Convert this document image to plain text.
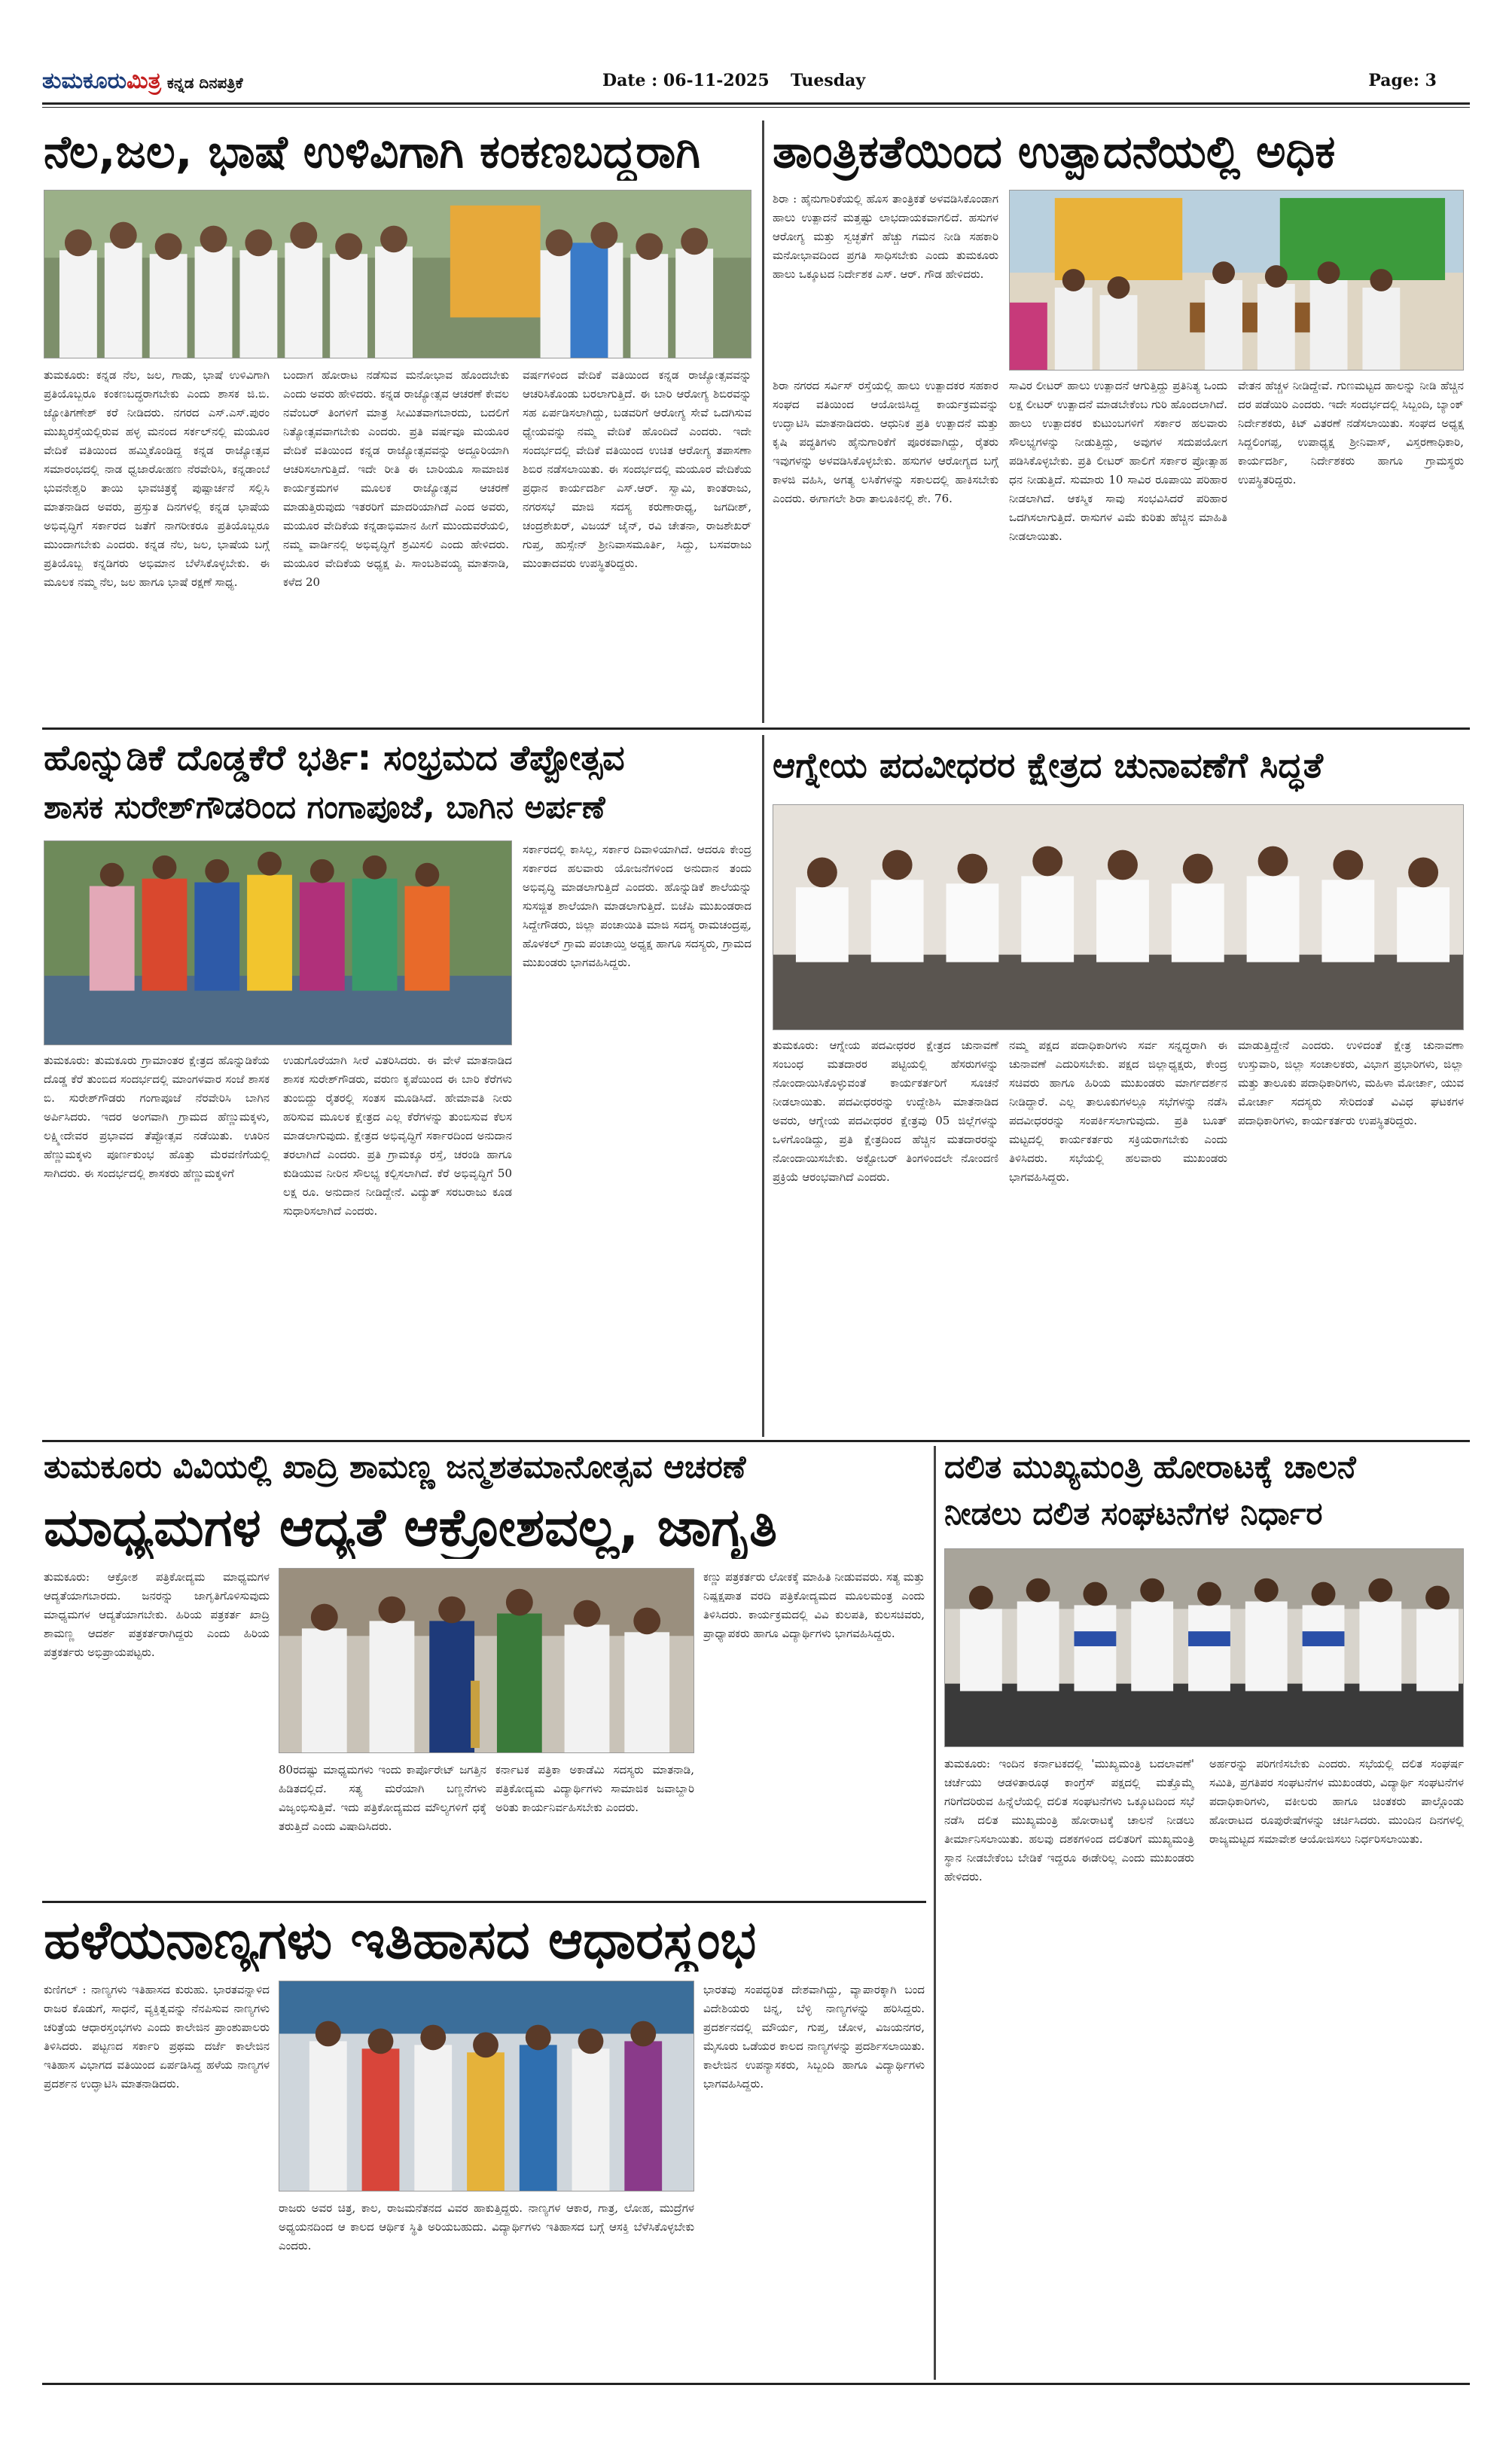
ತುಮಕೂರುಮಿತ್ರ ಕನ್ನಡ ದಿನಪತ್ರಿಕೆ	Date : 06-11-2025 Tuesday	Page: 3
ನೆಲ,ಜಲ, ಭಾಷೆ ಉಳಿವಿಗಾಗಿ ಕಂಕಣಬದ್ಧರಾಗಿ
ತುಮಕೂರು: ಕನ್ನಡ ನೆಲ, ಜಲ, ಗಾಡು, ಭಾಷೆ ಉಳಿವಿಗಾಗಿ ಪ್ರತಿಯೊಬ್ಬರೂ ಕಂಕಣಬದ್ಧರಾಗಬೇಕು ಎಂದು ಶಾಸಕ ಜಿ.ಬಿ. ಜ್ಯೋತಿಗಣೇಶ್ ಕರೆ ನೀಡಿದರು. ನಗರದ ಎಸ್.ಎಸ್.ಪುರಂ ಮುಖ್ಯರಸ್ತೆಯಲ್ಲಿರುವ ಹಳ್ಳ ಮನಂದ ಸರ್ಕಲ್‌ನಲ್ಲಿ ಮಯೂರ ವೇದಿಕೆ ವತಿಯಿಂದ ಹಮ್ಮಿಕೊಂಡಿದ್ದ ಕನ್ನಡ ರಾಜ್ಯೋತ್ಸವ ಸಮಾರಂಭದಲ್ಲಿ ನಾಡ ಧ್ವಜಾರೋಹಣ ನೆರವೇರಿಸಿ, ಕನ್ನಡಾಂಬೆ ಭುವನೇಶ್ವರಿ ತಾಯಿ ಭಾವಚಿತ್ರಕ್ಕೆ ಪುಷ್ಪಾರ್ಚನೆ ಸಲ್ಲಿಸಿ ಮಾತನಾಡಿದ ಅವರು, ಪ್ರಸ್ತುತ ದಿನಗಳಲ್ಲಿ ಕನ್ನಡ ಭಾಷೆಯ ಅಭಿವೃದ್ಧಿಗೆ ಸರ್ಕಾರದ ಜತೆಗೆ ನಾಗರೀಕರೂ ಪ್ರತಿಯೊಬ್ಬರೂ ಮುಂದಾಗಬೇಕು ಎಂದರು. ಕನ್ನಡ ನೆಲ, ಜಲ, ಭಾಷೆಯ ಬಗ್ಗೆ ಪ್ರತಿಯೊಬ್ಬ ಕನ್ನಡಿಗರು ಅಭಿಮಾನ ಬೆಳೆಸಿಕೊಳ್ಳಬೇಕು. ಈ ಮೂಲಕ ನಮ್ಮ ನೆಲ, ಜಲ ಹಾಗೂ ಭಾಷೆ ರಕ್ಷಣೆ ಸಾಧ್ಯ.
ಬಂದಾಗ ಹೋರಾಟ ನಡೆಸುವ ಮನೋಭಾವ ಹೊಂದಬೇಕು ಎಂದು ಅವರು ಹೇಳಿದರು. ಕನ್ನಡ ರಾಜ್ಯೋತ್ಸವ ಆಚರಣೆ ಕೇವಲ ನವೆಂಬರ್ ತಿಂಗಳಿಗೆ ಮಾತ್ರ ಸೀಮಿತವಾಗಬಾರದು, ಬದಲಿಗೆ ನಿತ್ಯೋತ್ಸವವಾಗಬೇಕು ಎಂದರು. ಪ್ರತಿ ವರ್ಷವೂ ಮಯೂರ ವೇದಿಕೆ ವತಿಯಿಂದ ಕನ್ನಡ ರಾಜ್ಯೋತ್ಸವವನ್ನು ಅದ್ದೂರಿಯಾಗಿ ಆಚರಿಸಲಾಗುತ್ತಿದೆ. ಇದೇ ರೀತಿ ಈ ಬಾರಿಯೂ ಸಾಮಾಜಿಕ ಕಾರ್ಯಕ್ರಮಗಳ ಮೂಲಕ ರಾಜ್ಯೋತ್ಸವ ಆಚರಣೆ ಮಾಡುತ್ತಿರುವುದು ಇತರರಿಗೆ ಮಾದರಿಯಾಗಿದೆ ಎಂದ ಅವರು, ಮಯೂರ ವೇದಿಕೆಯ ಕನ್ನಡಾಭಿಮಾನ ಹೀಗೆ ಮುಂದುವರೆಯಲಿ, ನಮ್ಮ ವಾರ್ಡಿನಲ್ಲಿ ಅಭಿವೃದ್ಧಿಗೆ ಶ್ರಮಿಸಲಿ ಎಂದು ಹೇಳಿದರು. ಮಯೂರ ವೇದಿಕೆಯ ಅಧ್ಯಕ್ಷ ಪಿ. ಸಾಂಬಶಿವಯ್ಯ ಮಾತನಾಡಿ, ಕಳೆದ 20
ವರ್ಷಗಳಿಂದ ವೇದಿಕೆ ವತಿಯಿಂದ ಕನ್ನಡ ರಾಜ್ಯೋತ್ಸವವನ್ನು ಆಚರಿಸಿಕೊಂಡು ಬರಲಾಗುತ್ತಿದೆ. ಈ ಬಾರಿ ಆರೋಗ್ಯ ಶಿಬಿರವನ್ನು ಸಹ ಏರ್ಪಡಿಸಲಾಗಿದ್ದು, ಬಡವರಿಗೆ ಆರೋಗ್ಯ ಸೇವೆ ಒದಗಿಸುವ ಧ್ಯೇಯವನ್ನು ನಮ್ಮ ವೇದಿಕೆ ಹೊಂದಿದೆ ಎಂದರು. ಇದೇ ಸಂದರ್ಭದಲ್ಲಿ ವೇದಿಕೆ ವತಿಯಿಂದ ಉಚಿತ ಆರೋಗ್ಯ ತಪಾಸಣಾ ಶಿಬಿರ ನಡೆಸಲಾಯಿತು. ಈ ಸಂದರ್ಭದಲ್ಲಿ ಮಯೂರ ವೇದಿಕೆಯ ಪ್ರಧಾನ ಕಾರ್ಯದರ್ಶಿ ಎಸ್.ಆರ್. ಸ್ವಾಮಿ, ಕಾಂತರಾಜು, ನಗರಸಭೆ ಮಾಜಿ ಸದಸ್ಯ ಕರುಣಾರಾಧ್ಯ, ಜಗದೀಶ್, ಚಂದ್ರಶೇಖರ್, ವಿಜಯ್ ಜೈನ್, ರವಿ ಚೇತನಾ, ರಾಜಶೇಖರ್ ಗುಪ್ತ, ಹುಸ್ಸೇನ್ ಶ್ರೀನಿವಾಸಮೂರ್ತಿ, ಸಿದ್ದು, ಬಸವರಾಜು ಮುಂತಾದವರು ಉಪಸ್ಥಿತರಿದ್ದರು.
ತಾಂತ್ರಿಕತೆಯಿಂದ ಉತ್ಪಾದನೆಯಲ್ಲಿ ಅಧಿಕ
ಶಿರಾ : ಹೈನುಗಾರಿಕೆಯಲ್ಲಿ ಹೊಸ ತಾಂತ್ರಿಕತೆ ಅಳವಡಿಸಿಕೊಂಡಾಗ ಹಾಲು ಉತ್ಪಾದನೆ ಮತ್ತಷ್ಟು ಲಾಭದಾಯಕವಾಗಲಿದೆ. ಹಸುಗಳ ಆರೋಗ್ಯ ಮತ್ತು ಸ್ವಚ್ಛತೆಗೆ ಹೆಚ್ಚು ಗಮನ ನೀಡಿ ಸಹಕಾರಿ ಮನೋಭಾವದಿಂದ ಪ್ರಗತಿ ಸಾಧಿಸಬೇಕು ಎಂದು ತುಮಕೂರು ಹಾಲು ಒಕ್ಕೂಟದ ನಿರ್ದೇಶಕ ಎಸ್. ಆರ್. ಗೌಡ ಹೇಳಿದರು.
ಶಿರಾ ನಗರದ ಸರ್ವಿಸ್ ರಸ್ತೆಯಲ್ಲಿ ಹಾಲು ಉತ್ಪಾದಕರ ಸಹಕಾರ ಸಂಘದ ವತಿಯಿಂದ ಆಯೋಜಿಸಿದ್ದ ಕಾರ್ಯಕ್ರಮವನ್ನು ಉದ್ಘಾಟಿಸಿ ಮಾತನಾಡಿದರು. ಆಧುನಿಕ ಪ್ರತಿ ಉತ್ಪಾದನೆ ಮತ್ತು ಕೃಷಿ ಪದ್ಧತಿಗಳು ಹೈನುಗಾರಿಕೆಗೆ ಪೂರಕವಾಗಿದ್ದು, ರೈತರು ಇವುಗಳನ್ನು ಅಳವಡಿಸಿಕೊಳ್ಳಬೇಕು. ಹಸುಗಳ ಆರೋಗ್ಯದ ಬಗ್ಗೆ ಕಾಳಜಿ ವಹಿಸಿ, ಅಗತ್ಯ ಲಸಿಕೆಗಳನ್ನು ಸಕಾಲದಲ್ಲಿ ಹಾಕಿಸಬೇಕು ಎಂದರು. ಈಗಾಗಲೇ ಶಿರಾ ತಾಲೂಕಿನಲ್ಲಿ ಶೇ. 76.
ಸಾವಿರ ಲೀಟರ್ ಹಾಲು ಉತ್ಪಾದನೆ ಆಗುತ್ತಿದ್ದು ಪ್ರತಿನಿತ್ಯ ಒಂದು ಲಕ್ಷ ಲೀಟರ್ ಉತ್ಪಾದನೆ ಮಾಡಬೇಕೆಂಬ ಗುರಿ ಹೊಂದಲಾಗಿದೆ. ಹಾಲು ಉತ್ಪಾದಕರ ಕುಟುಂಬಗಳಿಗೆ ಸರ್ಕಾರ ಹಲವಾರು ಸೌಲಭ್ಯಗಳನ್ನು ನೀಡುತ್ತಿದ್ದು, ಅವುಗಳ ಸದುಪಯೋಗ ಪಡಿಸಿಕೊಳ್ಳಬೇಕು. ಪ್ರತಿ ಲೀಟರ್ ಹಾಲಿಗೆ ಸರ್ಕಾರ ಪ್ರೋತ್ಸಾಹ ಧನ ನೀಡುತ್ತಿದೆ. ಸುಮಾರು 10 ಸಾವಿರ ರೂಪಾಯಿ ಪರಿಹಾರ ನೀಡಲಾಗಿದೆ. ಆಕಸ್ಮಿಕ ಸಾವು ಸಂಭವಿಸಿದರೆ ಪರಿಹಾರ ಒದಗಿಸಲಾಗುತ್ತಿದೆ. ರಾಸುಗಳ ವಿಮೆ ಕುರಿತು ಹೆಚ್ಚಿನ ಮಾಹಿತಿ ನೀಡಲಾಯಿತು.
ವೇತನ ಹೆಚ್ಚಳ ನೀಡಿದ್ದೇವೆ. ಗುಣಮಟ್ಟದ ಹಾಲನ್ನು ನೀಡಿ ಹೆಚ್ಚಿನ ದರ ಪಡೆಯಿರಿ ಎಂದರು. ಇದೇ ಸಂದರ್ಭದಲ್ಲಿ ಸಿಬ್ಬಂದಿ, ಬ್ಯಾಂಕ್ ನಿರ್ದೇಶಕರು, ಕಿಟ್ ವಿತರಣೆ ನಡೆಸಲಾಯಿತು. ಸಂಘದ ಅಧ್ಯಕ್ಷ ಸಿದ್ದಲಿಂಗಪ್ಪ, ಉಪಾಧ್ಯಕ್ಷ ಶ್ರೀನಿವಾಸ್, ವಿಸ್ತರಣಾಧಿಕಾರಿ, ಕಾರ್ಯದರ್ಶಿ, ನಿರ್ದೇಶಕರು ಹಾಗೂ ಗ್ರಾಮಸ್ಥರು ಉಪಸ್ಥಿತರಿದ್ದರು.
ಹೊನ್ನುಡಿಕೆ ದೊಡ್ಡಕೆರೆ ಭರ್ತಿ: ಸಂಭ್ರಮದ ತೆಪ್ಪೋತ್ಸವ
ಶಾಸಕ ಸುರೇಶ್‌ಗೌಡರಿಂದ ಗಂಗಾಪೂಜೆ, ಬಾಗಿನ ಅರ್ಪಣೆ
ತುಮಕೂರು: ತುಮಕೂರು ಗ್ರಾಮಾಂತರ ಕ್ಷೇತ್ರದ ಹೊನ್ನುಡಿಕೆಯ ದೊಡ್ಡ ಕೆರೆ ತುಂಬಿದ ಸಂದರ್ಭದಲ್ಲಿ ಮಾಂಗಳವಾರ ಸಂಜೆ ಶಾಸಕ ಬಿ. ಸುರೇಶ್‌ಗೌಡರು ಗಂಗಾಪೂಜೆ ನೆರವೇರಿಸಿ ಬಾಗಿನ ಅರ್ಪಿಸಿದರು. ಇದರ ಅಂಗವಾಗಿ ಗ್ರಾಮದ ಹೆಣ್ಣುಮಕ್ಕಳು, ಲಕ್ಷ್ಮೀದೇವರ ಪ್ರಭಾವದ ತೆಪ್ಪೋತ್ಸವ ನಡೆಯಿತು. ಊರಿನ ಹೆಣ್ಣುಮಕ್ಕಳು ಪೂರ್ಣಕುಂಭ ಹೊತ್ತು ಮೆರವಣಿಗೆಯಲ್ಲಿ ಸಾಗಿದರು. ಈ ಸಂದರ್ಭದಲ್ಲಿ ಶಾಸಕರು ಹೆಣ್ಣುಮಕ್ಕಳಿಗೆ
ಉಡುಗೊರೆಯಾಗಿ ಸೀರೆ ವಿತರಿಸಿದರು. ಈ ವೇಳೆ ಮಾತನಾಡಿದ ಶಾಸಕ ಸುರೇಶ್‌ಗೌಡರು, ವರುಣ ಕೃಪೆಯಿಂದ ಈ ಬಾರಿ ಕೆರೆಗಳು ತುಂಬಿದ್ದು ರೈತರಲ್ಲಿ ಸಂತಸ ಮೂಡಿಸಿದೆ. ಹೇಮಾವತಿ ನೀರು ಹರಿಸುವ ಮೂಲಕ ಕ್ಷೇತ್ರದ ಎಲ್ಲ ಕೆರೆಗಳನ್ನು ತುಂಬಿಸುವ ಕೆಲಸ ಮಾಡಲಾಗುವುದು. ಕ್ಷೇತ್ರದ ಅಭಿವೃದ್ಧಿಗೆ ಸರ್ಕಾರದಿಂದ ಅನುದಾನ ತರಲಾಗಿದೆ ಎಂದರು. ಪ್ರತಿ ಗ್ರಾಮಕ್ಕೂ ರಸ್ತೆ, ಚರಂಡಿ ಹಾಗೂ ಕುಡಿಯುವ ನೀರಿನ ಸೌಲಭ್ಯ ಕಲ್ಪಿಸಲಾಗಿದೆ. ಕೆರೆ ಅಭಿವೃದ್ಧಿಗೆ 50 ಲಕ್ಷ ರೂ. ಅನುದಾನ ನೀಡಿದ್ದೇನೆ. ವಿದ್ಯುತ್ ಸರಬರಾಜು ಕೂಡ ಸುಧಾರಿಸಲಾಗಿದೆ ಎಂದರು.
ಸರ್ಕಾರದಲ್ಲಿ ಕಾಸಿಲ್ಲ, ಸರ್ಕಾರ ದಿವಾಳಿಯಾಗಿದೆ. ಆದರೂ ಕೇಂದ್ರ ಸರ್ಕಾರದ ಹಲವಾರು ಯೋಜನೆಗಳಿಂದ ಅನುದಾನ ತಂದು ಅಭಿವೃದ್ಧಿ ಮಾಡಲಾಗುತ್ತಿದೆ ಎಂದರು. ಹೊನ್ನುಡಿಕೆ ಶಾಲೆಯನ್ನು ಸುಸಜ್ಜಿತ ಶಾಲೆಯಾಗಿ ಮಾಡಲಾಗುತ್ತಿದೆ. ಬಿಜೆಪಿ ಮುಖಂಡರಾದ ಸಿದ್ದೇಗೌಡರು, ಜಿಲ್ಲಾ ಪಂಚಾಯಿತಿ ಮಾಜಿ ಸದಸ್ಯ ರಾಮಚಂದ್ರಪ್ಪ, ಹೊಳಕಲ್ ಗ್ರಾಮ ಪಂಚಾಯ್ತಿ ಅಧ್ಯಕ್ಷ ಹಾಗೂ ಸದಸ್ಯರು, ಗ್ರಾಮದ ಮುಖಂಡರು ಭಾಗವಹಿಸಿದ್ದರು.
ಆಗ್ನೇಯ ಪದವೀಧರರ ಕ್ಷೇತ್ರದ ಚುನಾವಣೆಗೆ ಸಿದ್ಧತೆ
ತುಮಕೂರು: ಆಗ್ನೇಯ ಪದವೀಧರರ ಕ್ಷೇತ್ರದ ಚುನಾವಣೆ ಸಂಬಂಧ ಮತದಾರರ ಪಟ್ಟಿಯಲ್ಲಿ ಹೆಸರುಗಳನ್ನು ನೋಂದಾಯಿಸಿಕೊಳ್ಳುವಂತೆ ಕಾರ್ಯಕರ್ತರಿಗೆ ಸೂಚನೆ ನೀಡಲಾಯಿತು. ಪದವೀಧರರನ್ನು ಉದ್ದೇಶಿಸಿ ಮಾತನಾಡಿದ ಅವರು, ಆಗ್ನೇಯ ಪದವೀಧರರ ಕ್ಷೇತ್ರವು 05 ಜಿಲ್ಲೆಗಳನ್ನು ಒಳಗೊಂಡಿದ್ದು, ಪ್ರತಿ ಕ್ಷೇತ್ರದಿಂದ ಹೆಚ್ಚಿನ ಮತದಾರರನ್ನು ನೋಂದಾಯಿಸಬೇಕು. ಅಕ್ಟೋಬರ್ ತಿಂಗಳಿಂದಲೇ ನೋಂದಣಿ ಪ್ರಕ್ರಿಯೆ ಆರಂಭವಾಗಿದೆ ಎಂದರು.
ನಮ್ಮ ಪಕ್ಷದ ಪದಾಧಿಕಾರಿಗಳು ಸರ್ವ ಸನ್ನದ್ಧರಾಗಿ ಈ ಚುನಾವಣೆ ಎದುರಿಸಬೇಕು. ಪಕ್ಷದ ಜಿಲ್ಲಾಧ್ಯಕ್ಷರು, ಕೇಂದ್ರ ಸಚಿವರು ಹಾಗೂ ಹಿರಿಯ ಮುಖಂಡರು ಮಾರ್ಗದರ್ಶನ ನೀಡಿದ್ದಾರೆ. ಎಲ್ಲ ತಾಲೂಕುಗಳಲ್ಲೂ ಸಭೆಗಳನ್ನು ನಡೆಸಿ ಪದವೀಧರರನ್ನು ಸಂಪರ್ಕಿಸಲಾಗುವುದು. ಪ್ರತಿ ಬೂತ್ ಮಟ್ಟದಲ್ಲಿ ಕಾರ್ಯಕರ್ತರು ಸಕ್ರಿಯರಾಗಬೇಕು ಎಂದು ತಿಳಿಸಿದರು. ಸಭೆಯಲ್ಲಿ ಹಲವಾರು ಮುಖಂಡರು ಭಾಗವಹಿಸಿದ್ದರು.
ಮಾಡುತ್ತಿದ್ದೇನೆ ಎಂದರು. ಉಳಿದಂತೆ ಕ್ಷೇತ್ರ ಚುನಾವಣಾ ಉಸ್ತುವಾರಿ, ಜಿಲ್ಲಾ ಸಂಚಾಲಕರು, ವಿಭಾಗ ಪ್ರಭಾರಿಗಳು, ಜಿಲ್ಲಾ ಮತ್ತು ತಾಲೂಕು ಪದಾಧಿಕಾರಿಗಳು, ಮಹಿಳಾ ಮೋರ್ಚಾ, ಯುವ ಮೋರ್ಚಾ ಸದಸ್ಯರು ಸೇರಿದಂತೆ ವಿವಿಧ ಘಟಕಗಳ ಪದಾಧಿಕಾರಿಗಳು, ಕಾರ್ಯಕರ್ತರು ಉಪಸ್ಥಿತರಿದ್ದರು.
ತುಮಕೂರು ವಿವಿಯಲ್ಲಿ ಖಾದ್ರಿ ಶಾಮಣ್ಣ ಜನ್ಮಶತಮಾನೋತ್ಸವ ಆಚರಣೆ
ಮಾಧ್ಯಮಗಳ ಆದ್ಯತೆ ಆಕ್ರೋಶವಲ್ಲ, ಜಾಗೃತಿ
ತುಮಕೂರು: ಆಕ್ರೋಶ ಪತ್ರಿಕೋದ್ಯಮ ಮಾಧ್ಯಮಗಳ ಆದ್ಯತೆಯಾಗಬಾರದು. ಜನರನ್ನು ಜಾಗೃತಿಗೊಳಿಸುವುದು ಮಾಧ್ಯಮಗಳ ಆದ್ಯತೆಯಾಗಬೇಕು. ಹಿರಿಯ ಪತ್ರಕರ್ತ ಖಾದ್ರಿ ಶಾಮಣ್ಣ ಆದರ್ಶ ಪತ್ರಕರ್ತರಾಗಿದ್ದರು ಎಂದು ಹಿರಿಯ ಪತ್ರಕರ್ತರು ಅಭಿಪ್ರಾಯಪಟ್ಟರು.
80ರದಷ್ಟು ಮಾಧ್ಯಮಗಳು ಇಂದು ಕಾರ್ಪೊರೇಟ್ ಜಗತ್ತಿನ ಹಿಡಿತದಲ್ಲಿದೆ. ಸತ್ಯ ಮರೆಯಾಗಿ ಬಣ್ಣನೆಗಳು ವಿಜೃಂಭಿಸುತ್ತಿವೆ. ಇದು ಪತ್ರಿಕೋದ್ಯಮದ ಮೌಲ್ಯಗಳಿಗೆ ಧಕ್ಕೆ ತರುತ್ತಿದೆ ಎಂದು ವಿಷಾದಿಸಿದರು.
ಕರ್ನಾಟಕ ಪತ್ರಿಕಾ ಅಕಾಡೆಮಿ ಸದಸ್ಯರು ಮಾತನಾಡಿ, ಪತ್ರಿಕೋದ್ಯಮ ವಿದ್ಯಾರ್ಥಿಗಳು ಸಾಮಾಜಿಕ ಜವಾಬ್ದಾರಿ ಅರಿತು ಕಾರ್ಯನಿರ್ವಹಿಸಬೇಕು ಎಂದರು.
ಕಣ್ಣು ಪತ್ರಕರ್ತರು ಲೋಕಕ್ಕೆ ಮಾಹಿತಿ ನೀಡುವವರು. ಸತ್ಯ ಮತ್ತು ನಿಷ್ಪಕ್ಷಪಾತ ವರದಿ ಪತ್ರಿಕೋದ್ಯಮದ ಮೂಲಮಂತ್ರ ಎಂದು ತಿಳಿಸಿದರು. ಕಾರ್ಯಕ್ರಮದಲ್ಲಿ ವಿವಿ ಕುಲಪತಿ, ಕುಲಸಚಿವರು, ಪ್ರಾಧ್ಯಾಪಕರು ಹಾಗೂ ವಿದ್ಯಾರ್ಥಿಗಳು ಭಾಗವಹಿಸಿದ್ದರು.
ಹಳೆಯನಾಣ್ಯಗಳು ಇತಿಹಾಸದ ಆಧಾರಸ್ಥಂಭ
ಕುಣಿಗಲ್ : ನಾಣ್ಯಗಳು ಇತಿಹಾಸದ ಕುರುಹು. ಭಾರತವನ್ನಾಳಿದ ರಾಜರ ಕೊಡುಗೆ, ಸಾಧನೆ, ವ್ಯಕ್ತಿತ್ವವನ್ನು ನೆನಪಿಸುವ ನಾಣ್ಯಗಳು ಚರಿತ್ರೆಯ ಆಧಾರಸ್ತಂಭಗಳು ಎಂದು ಕಾಲೇಜಿನ ಪ್ರಾಂಶುಪಾಲರು ತಿಳಿಸಿದರು. ಪಟ್ಟಣದ ಸರ್ಕಾರಿ ಪ್ರಥಮ ದರ್ಜೆ ಕಾಲೇಜಿನ ಇತಿಹಾಸ ವಿಭಾಗದ ವತಿಯಿಂದ ಏರ್ಪಡಿಸಿದ್ದ ಹಳೆಯ ನಾಣ್ಯಗಳ ಪ್ರದರ್ಶನ ಉದ್ಘಾಟಿಸಿ ಮಾತನಾಡಿದರು.
ರಾಜರು ಅವರ ಚಿತ್ರ, ಕಾಲ, ರಾಜಮನೆತನದ ವಿವರ ಹಾಕುತ್ತಿದ್ದರು. ನಾಣ್ಯಗಳ ಆಕಾರ, ಗಾತ್ರ, ಲೋಹ, ಮುದ್ರೆಗಳ ಅಧ್ಯಯನದಿಂದ ಆ ಕಾಲದ ಆರ್ಥಿಕ ಸ್ಥಿತಿ ಅರಿಯಬಹುದು. ವಿದ್ಯಾರ್ಥಿಗಳು ಇತಿಹಾಸದ ಬಗ್ಗೆ ಆಸಕ್ತಿ ಬೆಳೆಸಿಕೊಳ್ಳಬೇಕು ಎಂದರು.
ಭಾರತವು ಸಂಪದ್ಭರಿತ ದೇಶವಾಗಿದ್ದು, ವ್ಯಾಪಾರಕ್ಕಾಗಿ ಬಂದ ವಿದೇಶಿಯರು ಚಿನ್ನ, ಬೆಳ್ಳಿ ನಾಣ್ಯಗಳನ್ನು ಹರಿಸಿದ್ದರು. ಪ್ರದರ್ಶನದಲ್ಲಿ ಮೌರ್ಯ, ಗುಪ್ತ, ಚೋಳ, ವಿಜಯನಗರ, ಮೈಸೂರು ಒಡೆಯರ ಕಾಲದ ನಾಣ್ಯಗಳನ್ನು ಪ್ರದರ್ಶಿಸಲಾಯಿತು. ಕಾಲೇಜಿನ ಉಪನ್ಯಾಸಕರು, ಸಿಬ್ಬಂದಿ ಹಾಗೂ ವಿದ್ಯಾರ್ಥಿಗಳು ಭಾಗವಹಿಸಿದ್ದರು.
ದಲಿತ ಮುಖ್ಯಮಂತ್ರಿ ಹೋರಾಟಕ್ಕೆ ಚಾಲನೆ
ನೀಡಲು ದಲಿತ ಸಂಘಟನೆಗಳ ನಿರ್ಧಾರ
ತುಮಕೂರು: ಇಂದಿನ ಕರ್ನಾಟಕದಲ್ಲಿ 'ಮುಖ್ಯಮಂತ್ರಿ ಬದಲಾವಣೆ' ಚರ್ಚೆಯು ಆಡಳಿತಾರೂಢ ಕಾಂಗ್ರೆಸ್ ಪಕ್ಷದಲ್ಲಿ ಮತ್ತೊಮ್ಮೆ ಗರಿಗೆದರಿರುವ ಹಿನ್ನೆಲೆಯಲ್ಲಿ ದಲಿತ ಸಂಘಟನೆಗಳು ಒಕ್ಕೂಟದಿಂದ ಸಭೆ ನಡೆಸಿ ದಲಿತ ಮುಖ್ಯಮಂತ್ರಿ ಹೋರಾಟಕ್ಕೆ ಚಾಲನೆ ನೀಡಲು ತೀರ್ಮಾನಿಸಲಾಯಿತು. ಹಲವು ದಶಕಗಳಿಂದ ದಲಿತರಿಗೆ ಮುಖ್ಯಮಂತ್ರಿ ಸ್ಥಾನ ನೀಡಬೇಕೆಂಬ ಬೇಡಿಕೆ ಇದ್ದರೂ ಈಡೇರಿಲ್ಲ ಎಂದು ಮುಖಂಡರು ಹೇಳಿದರು.
ಅರ್ಹರನ್ನು ಪರಿಗಣಿಸಬೇಕು ಎಂದರು. ಸಭೆಯಲ್ಲಿ ದಲಿತ ಸಂಘರ್ಷ ಸಮಿತಿ, ಪ್ರಗತಿಪರ ಸಂಘಟನೆಗಳ ಮುಖಂಡರು, ವಿದ್ಯಾರ್ಥಿ ಸಂಘಟನೆಗಳ ಪದಾಧಿಕಾರಿಗಳು, ವಕೀಲರು ಹಾಗೂ ಚಿಂತಕರು ಪಾಲ್ಗೊಂಡು ಹೋರಾಟದ ರೂಪುರೇಷೆಗಳನ್ನು ಚರ್ಚಿಸಿದರು. ಮುಂದಿನ ದಿನಗಳಲ್ಲಿ ರಾಜ್ಯಮಟ್ಟದ ಸಮಾವೇಶ ಆಯೋಜಿಸಲು ನಿರ್ಧರಿಸಲಾಯಿತು.
